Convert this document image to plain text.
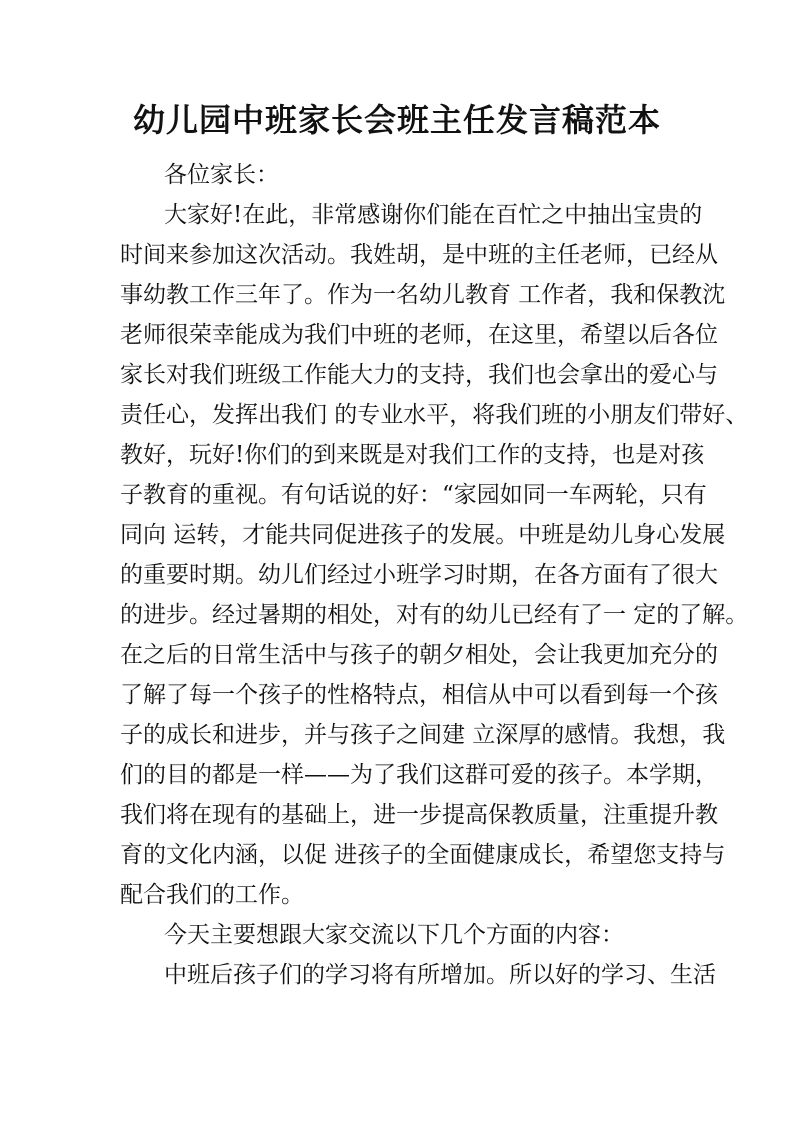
幼儿园中班家长会班主任发言稿范本
各位家长：
大家好!在此，非常感谢你们能在百忙之中抽出宝贵的
时间来参加这次活动。我姓胡，是中班的主任老师，已经从
事幼教工作三年了。作为一名幼儿教育 工作者，我和保教沈
老师很荣幸能成为我们中班的老师，在这里，希望以后各位
家长对我们班级工作能大力的支持，我们也会拿出的爱心与
责任心，发挥出我们 的专业水平，将我们班的小朋友们带好、
教好，玩好!你们的到来既是对我们工作的支持，也是对孩
子教育的重视。有句话说的好：“家园如同一车两轮，只有
同向 运转，才能共同促进孩子的发展。中班是幼儿身心发展
的重要时期。幼儿们经过小班学习时期，在各方面有了很大
的进步。经过暑期的相处，对有的幼儿已经有了一 定的了解。
在之后的日常生活中与孩子的朝夕相处，会让我更加充分的
了解了每一个孩子的性格特点，相信从中可以看到每一个孩
子的成长和进步，并与孩子之间建 立深厚的感情。我想，我
们的目的都是一样——为了我们这群可爱的孩子。本学期，
我们将在现有的基础上，进一步提高保教质量，注重提升教
育的文化内涵，以促 进孩子的全面健康成长，希望您支持与
配合我们的工作。
今天主要想跟大家交流以下几个方面的内容：
中班后孩子们的学习将有所增加。所以好的学习、生活
